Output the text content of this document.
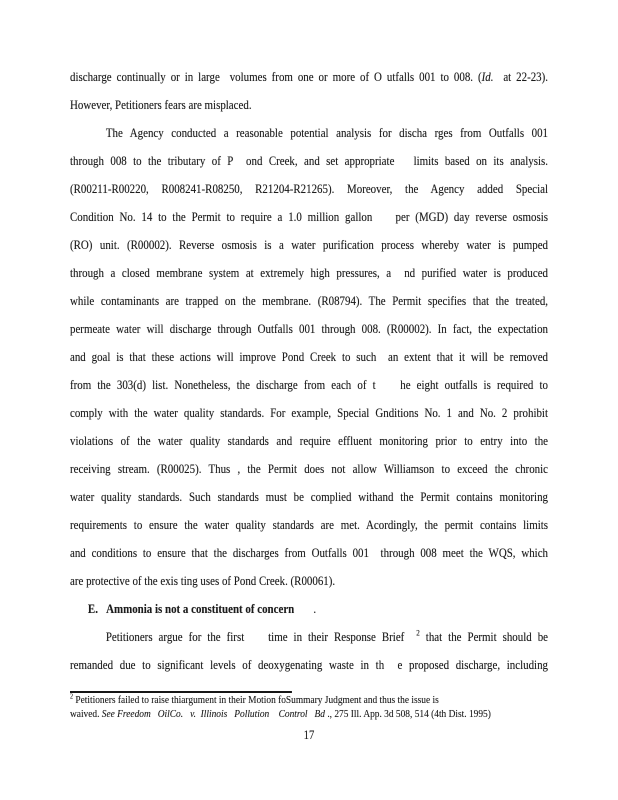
discharge continually or in large  volumes from one or more of O utfalls 001 to 008. (Id.  at 22-23).
However, Petitioners fears are misplaced.
The Agency conducted a reasonable potential analysis for discha rges from Outfalls 001
through 008 to the tributary of P  ond Creek, and set appropriate   limits based on its analysis.
(R00211-R00220, R008241-R08250, R21204-R21265). Moreover, the Agency added Special
Condition No. 14 to the Permit to require a 1.0 million gallon    per (MGD) day reverse osmosis
(RO) unit. (R00002). Reverse osmosis is a water purification process whereby water is pumped
through a closed membrane system at extremely high pressures, a  nd purified water is produced
while contaminants are trapped on the membrane. (R08794). The Permit specifies that the treated,
permeate water will discharge through Outfalls 001 through 008. (R00002). In fact, the expectation
and goal is that these actions will improve Pond Creek to such  an extent that it will be removed
from the 303(d) list. Nonetheless, the discharge from each of t    he eight outfalls is required to
comply with the water quality standards. For example, Special Gnditions No. 1 and No. 2 prohibit
violations of the water quality standards and require effluent monitoring prior to entry into the
receiving stream. (R00025). Thus , the Permit does not allow Williamson to exceed the chronic
water quality standards. Such standards must be complied withand the Permit contains monitoring
requirements to ensure the water quality standards are met. Acordingly, the permit contains limits
and conditions to ensure that the discharges from Outfalls 001  through 008 meet the WQS, which
are protective of the exis ting uses of Pond Creek. (R00061).
E.   Ammonia is not a constituent of concern       .
Petitioners argue for the first    time in their Response Brief  $^2$ that the Permit should be
remanded due to significant levels of deoxygenating waste in th  e proposed discharge, including
$^2$ Petitioners failed to raise thiargument in their Motion foSummary Judgment and thus the issue is
waived. See Freedom   OilCo.   v.  Illinois   Pollution    Control   Bd ., 275 Ill. App. 3d 508, 514 (4th Dist. 1995)
17
